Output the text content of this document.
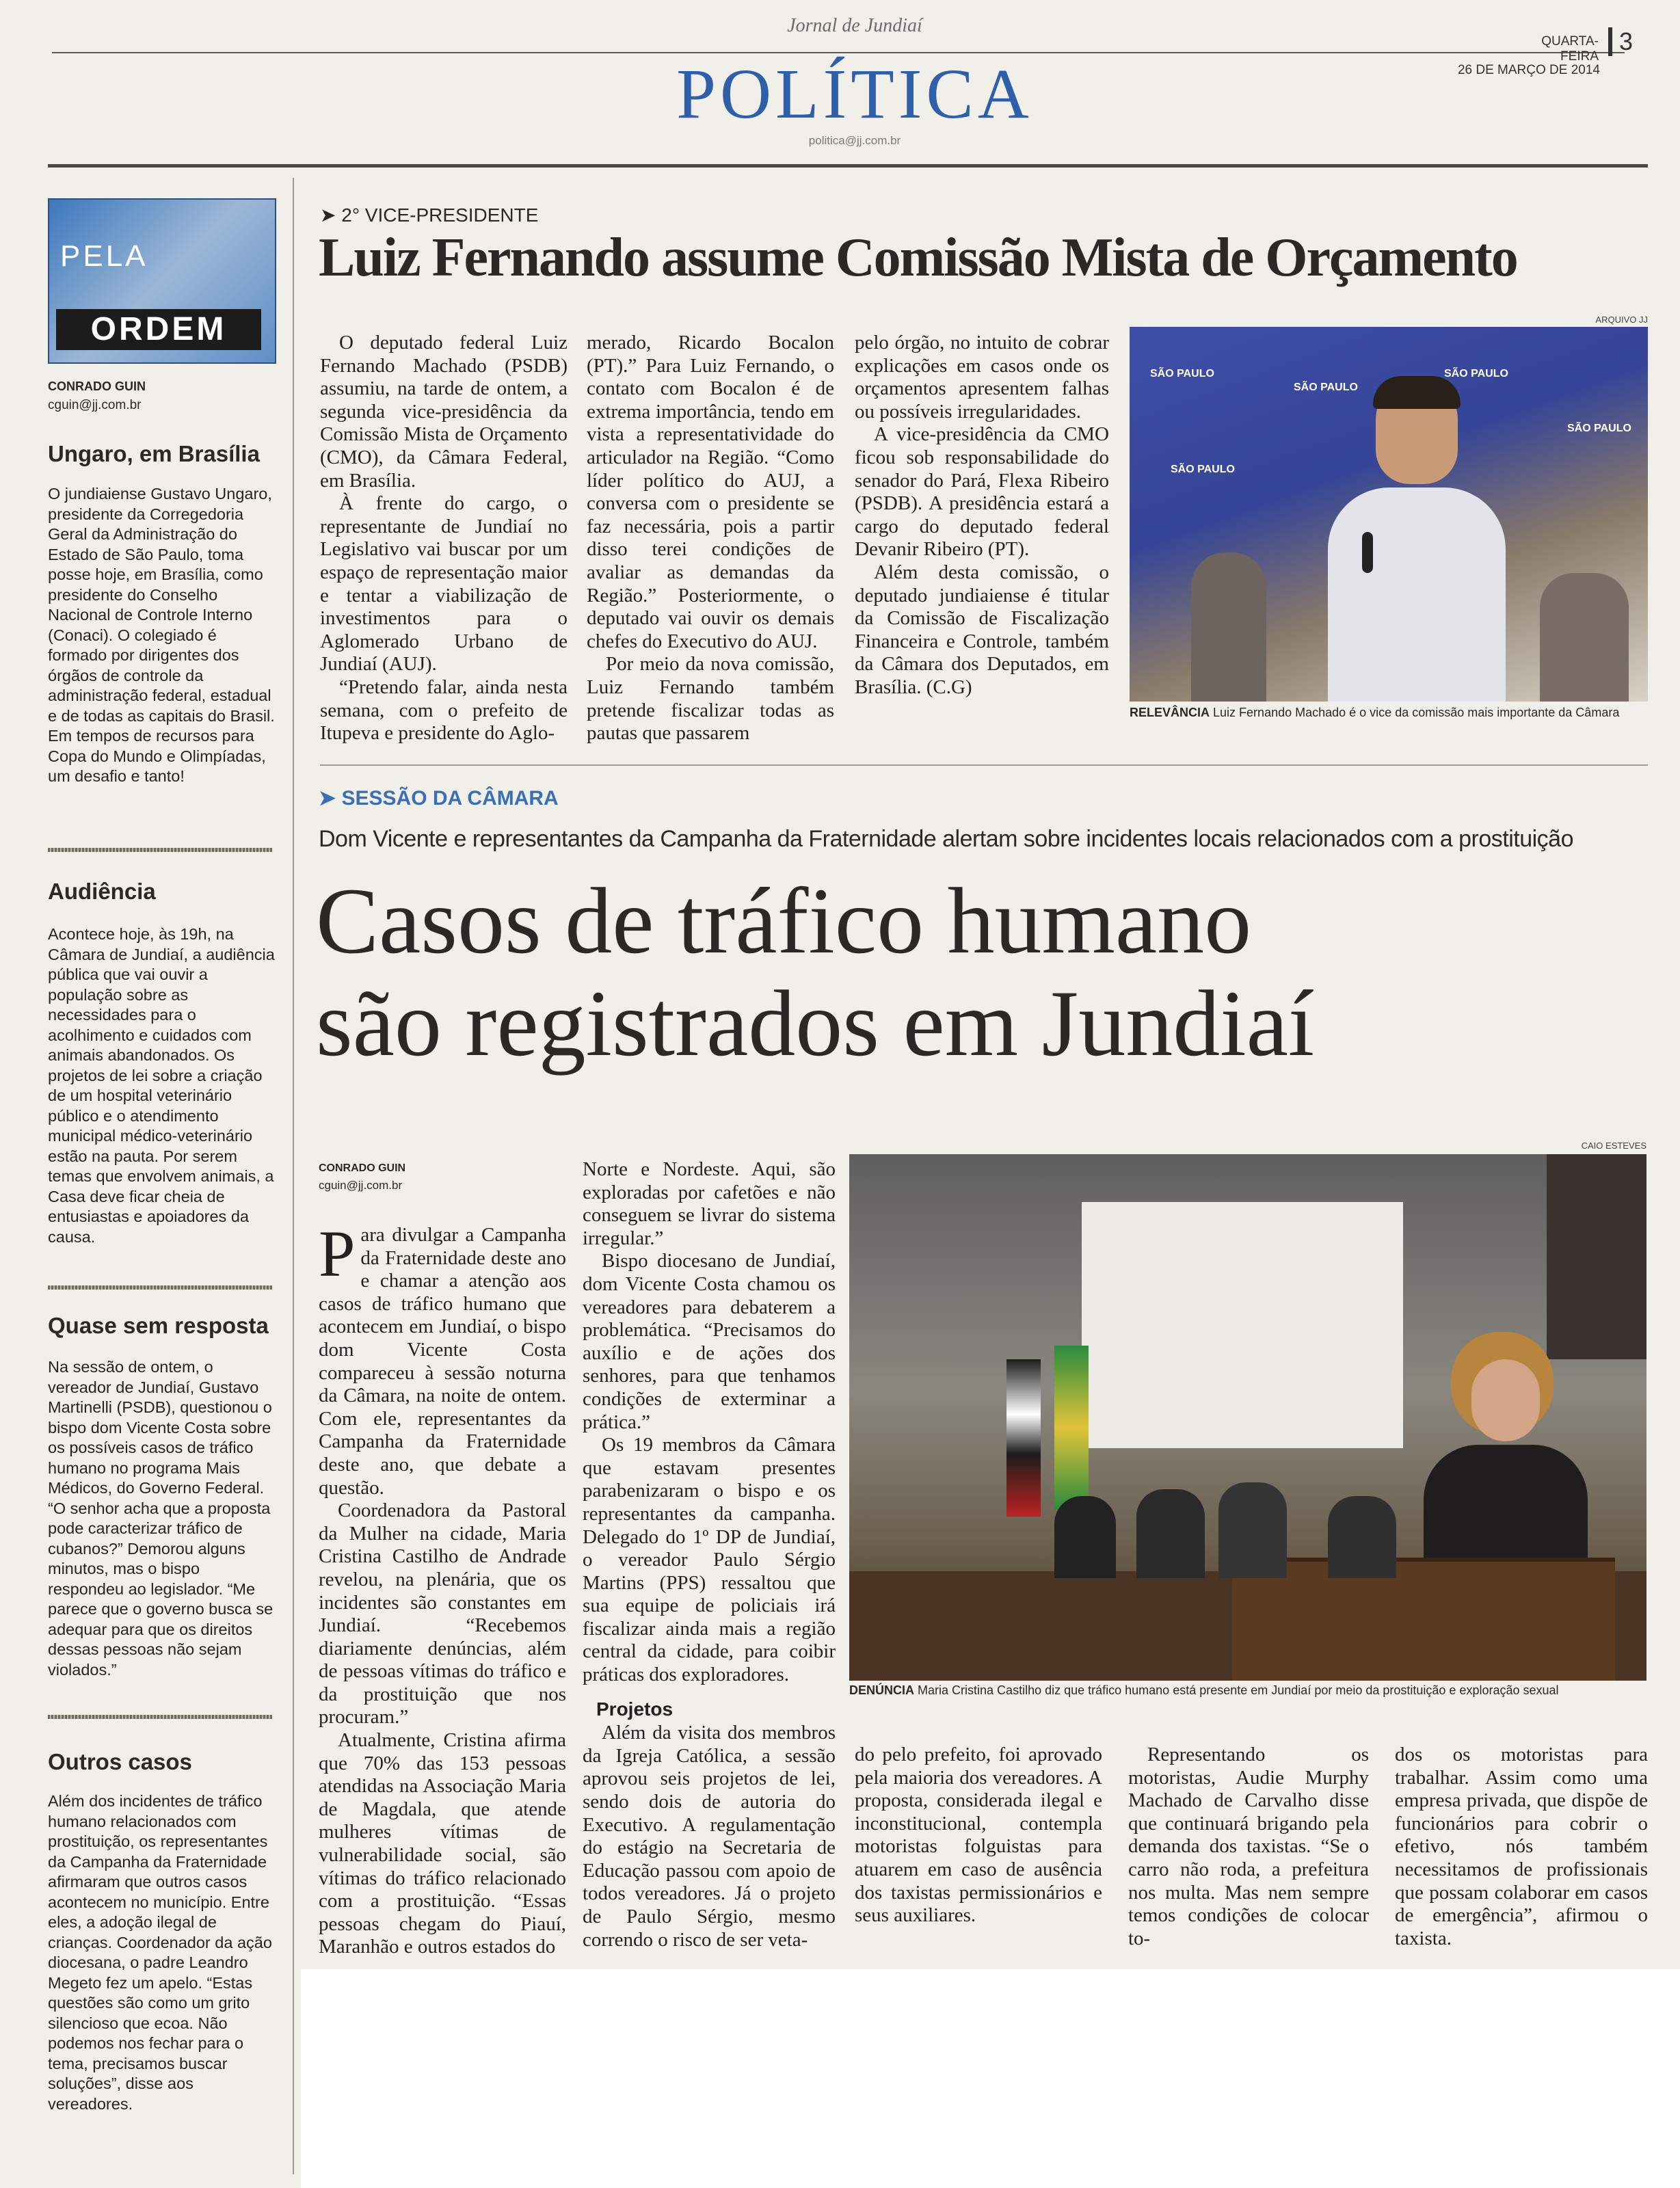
Jornal de Jundiaí
POLÍTICA
politica@jj.com.br
QUARTA-FEIRA
3
26 DE MARÇO DE 2014
PELA
ORDEM
CONRADO GUIN
cguin@jj.com.br
Ungaro, em Brasília
O jundiaiense Gustavo Ungaro, presidente da Corregedoria Geral da Administração do Estado de São Paulo, toma posse hoje, em Brasília, como presidente do Conselho Nacional de Controle Interno (Conaci). O colegiado é formado por dirigentes dos órgãos de controle da administração federal, estadual e de todas as capitais do Brasil. Em tempos de recursos para Copa do Mundo e Olimpíadas, um desafio e tanto!
Audiência
Acontece hoje, às 19h, na Câmara de Jundiaí, a audiência pública que vai ouvir a população sobre as necessidades para o acolhimento e cuidados com animais abandonados. Os projetos de lei sobre a criação de um hospital veterinário público e o atendimento municipal médico-veterinário estão na pauta. Por serem temas que envolvem animais, a Casa deve ficar cheia de entusiastas e apoiadores da causa.
Quase sem resposta
Na sessão de ontem, o vereador de Jundiaí, Gustavo Martinelli (PSDB), questionou o bispo dom Vicente Costa sobre os possíveis casos de tráfico humano no programa Mais Médicos, do Governo Federal. “O senhor acha que a proposta pode caracterizar tráfico de cubanos?” Demorou alguns minutos, mas o bispo respondeu ao legislador. “Me parece que o governo busca se adequar para que os direitos dessas pessoas não sejam violados.”
Outros casos
Além dos incidentes de tráfico humano relacionados com prostituição, os representantes da Campanha da Fraternidade afirmaram que outros casos acontecem no município. Entre eles, a adoção ilegal de crianças. Coordenador da ação diocesana, o padre Leandro Megeto fez um apelo. “Estas questões são como um grito silencioso que ecoa. Não podemos nos fechar para o tema, precisamos buscar soluções”, disse aos vereadores.
➤ 2° VICE-PRESIDENTE
Luiz Fernando assume Comissão Mista de Orçamento

O deputado federal Luiz Fernando Machado (PSDB) assumiu, na tarde de ontem, a segunda vice-presidência da Comissão Mista de Orçamento (CMO), da Câmara Federal, em Brasília.

À frente do cargo, o representante de Jundiaí no Legislativo vai buscar por um espaço de representação maior e tentar a viabilização de investimentos para o Aglomerado Urbano de Jundiaí (AUJ).

“Pretendo falar, ainda nesta semana, com o prefeito de Itupeva e presidente do Aglo-

merado, Ricardo Bocalon (PT).” Para Luiz Fernando, o contato com Bocalon é de extrema importância, tendo em vista a representatividade do articulador na Região. “Como líder político do AUJ, a conversa com o presidente se faz necessária, pois a partir disso terei condições de avaliar as demandas da Região.” Posteriormente, o deputado vai ouvir os demais chefes do Executivo do AUJ.

Por meio da nova comissão, Luiz Fernando também pretende fiscalizar todas as pautas que passarem

pelo órgão, no intuito de cobrar explicações em casos onde os orçamentos apresentem falhas ou possíveis irregularidades.

A vice-presidência da CMO ficou sob responsabilidade do senador do Pará, Flexa Ribeiro (PSDB). A presidência estará a cargo do deputado federal Devanir Ribeiro (PT).

Além desta comissão, o deputado jundiaiense é titular da Comissão de Fiscalização Financeira e Controle, também da Câmara dos Deputados, em Brasília. (C.G)

ARQUIVO JJ
SÃO PAULO
SÃO PAULO
SÃO PAULO
SÃO PAULO
SÃO PAULO
RELEVÂNCIA Luiz Fernando Machado é o vice da comissão mais importante da Câmara
➤ SESSÃO DA CÂMARA
Dom Vicente e representantes da Campanha da Fraternidade alertam sobre incidentes locais relacionados com a prostituição
Casos de tráfico humano
são registrados em Jundiaí
CONRADO GUIN
cguin@jj.com.br

Para divulgar a Campanha da Fraternidade deste ano e chamar a atenção aos casos de tráfico humano que acontecem em Jundiaí, o bispo dom Vicente Costa compareceu à sessão noturna da Câmara, na noite de ontem. Com ele, representantes da Campanha da Fraternidade deste ano, que debate a questão.

Coordenadora da Pastoral da Mulher na cidade, Maria Cristina Castilho de Andrade revelou, na plenária, que os incidentes são constantes em Jundiaí. “Recebemos diariamente denúncias, além de pessoas vítimas do tráfico e da prostituição que nos procuram.”

Atualmente, Cristina afirma que 70% das 153 pessoas atendidas na Associação Maria de Magdala, que atende mulheres vítimas de vulnerabilidade social, são vítimas do tráfico relacionado com a prostituição. “Essas pessoas chegam do Piauí, Maranhão e outros estados do

Norte e Nordeste. Aqui, são exploradas por cafetões e não conseguem se livrar do sistema irregular.”

Bispo diocesano de Jundiaí, dom Vicente Costa chamou os vereadores para debaterem a problemática. “Precisamos do auxílio e de ações dos senhores, para que tenhamos condições de exterminar a prática.”

Os 19 membros da Câmara que estavam presentes parabenizaram o bispo e os representantes da campanha. Delegado do 1º DP de Jundiaí, o vereador Paulo Sérgio Martins (PPS) ressaltou que sua equipe de policiais irá fiscalizar ainda mais a região central da cidade, para coibir práticas dos exploradores.

Projetos

Além da visita dos membros da Igreja Católica, a sessão aprovou seis projetos de lei, sendo dois de autoria do Executivo. A regulamentação do estágio na Secretaria de Educação passou com apoio de todos vereadores. Já o projeto de Paulo Sérgio, mesmo correndo o risco de ser veta-

CAIO ESTEVES
DENÚNCIA Maria Cristina Castilho diz que tráfico humano está presente em Jundiaí por meio da prostituição e exploração sexual

do pelo prefeito, foi aprovado pela maioria dos vereadores. A proposta, considerada ilegal e inconstitucional, contempla motoristas folguistas para atuarem em caso de ausência dos taxistas permissionários e seus auxiliares.

Representando os motoristas, Audie Murphy Machado de Carvalho disse que continuará brigando pela demanda dos taxistas. “Se o carro não roda, a prefeitura nos multa. Mas nem sempre temos condições de colocar to-

dos os motoristas para trabalhar. Assim como uma empresa privada, que dispõe de funcionários para cobrir o efetivo, nós também necessitamos de profissionais que possam colaborar em casos de emergência”, afirmou o taxista.
